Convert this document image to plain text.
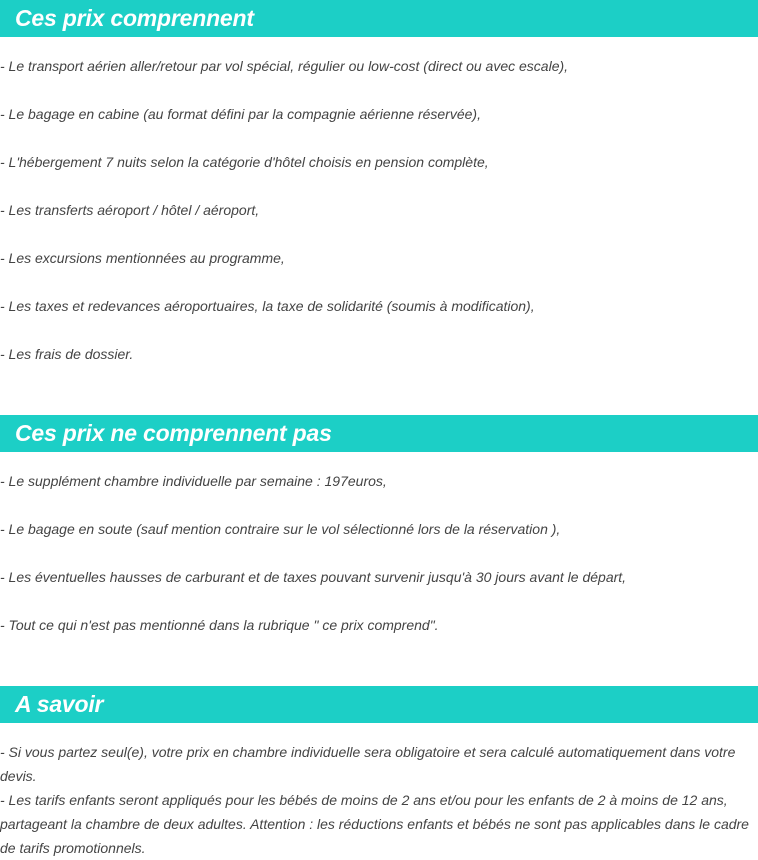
Ces prix comprennent
- Le transport aérien aller/retour par vol spécial, régulier ou low-cost (direct ou avec escale),
- Le bagage en cabine (au format défini par la compagnie aérienne réservée),
- L'hébergement 7 nuits selon la catégorie d'hôtel choisis en pension complète,
- Les transferts aéroport / hôtel / aéroport,
- Les excursions mentionnées au programme,
- Les taxes et redevances aéroportuaires, la taxe de solidarité (soumis à modification),
- Les frais de dossier.
Ces prix ne comprennent pas
- Le supplément chambre individuelle par semaine : 197euros,
- Le bagage en soute (sauf mention contraire sur le vol sélectionné lors de la réservation ),
- Les éventuelles hausses de carburant et de taxes pouvant survenir jusqu'à 30 jours avant le départ,
- Tout ce qui n'est pas mentionné dans la rubrique " ce prix comprend".
A savoir

- Si vous partez seul(e), votre prix en chambre individuelle sera obligatoire et sera calculé automatiquement dans votre devis.

- Les tarifs enfants seront appliqués pour les bébés de moins de 2 ans et/ou pour les enfants de 2 à moins de 12 ans, partageant la chambre de deux adultes. Attention : les réductions enfants et bébés ne sont pas applicables dans le cadre de tarifs promotionnels.
